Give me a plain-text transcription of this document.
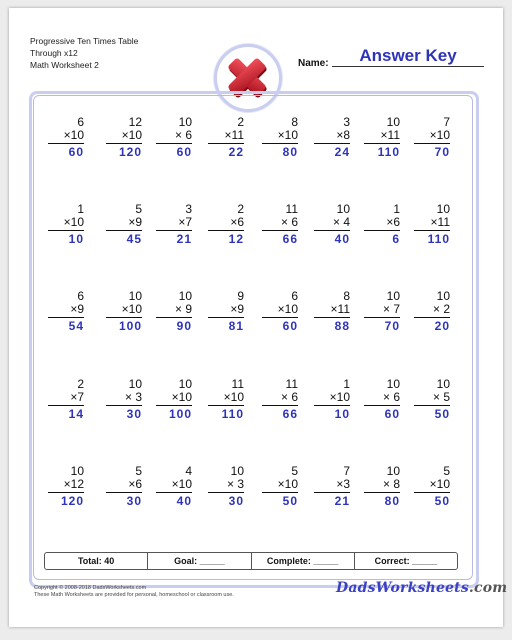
Progressive Ten Times Table
Through x12
Math Worksheet 2	Name:	Answer Key
6
×10
60
12
×10
120
10
× 6
60
2
×11
22
8
×10
80
3
×8
24
10
×11
110
7
×10
70
1
×10
10
5
×9
45
3
×7
21
2
×6
12
11
× 6
66
10
× 4
40
1
×6
6
10
×11
110
6
×9
54
10
×10
100
10
× 9
90
9
×9
81
6
×10
60
8
×11
88
10
× 7
70
10
× 2
20
2
×7
14
10
× 3
30
10
×10
100
11
×10
110
11
× 6
66
1
×10
10
10
× 6
60
10
× 5
50
10
×12
120
5
×6
30
4
×10
40
10
× 3
30
5
×10
50
7
×3
21
10
× 8
80
5
×10
50
Total: 40	Goal: _____	Complete: _____	Correct: _____
Copyright © 2008-2018 DadsWorksheets.com
These Math Worksheets are provided for personal, homeschool or classroom use.	DadsWorksheets.com
